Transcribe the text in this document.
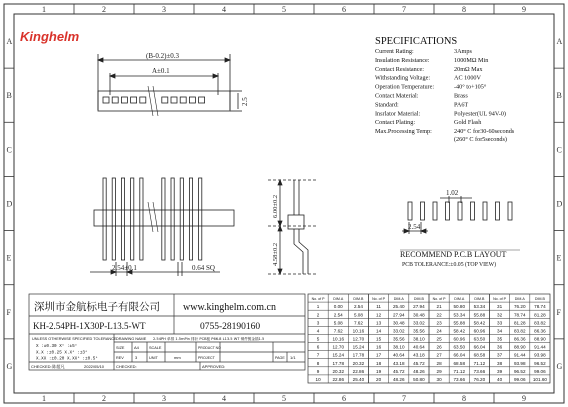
1
1
2
2
3
3
4
4
5
5
6
6
7
7
8
8
9
9
A	A
B	B
C	C
D	D
E	E
F	F
G	G
Kinghelm
(B-0.2)±0.3
A±0.1
2.5
2.54±0.1	0.64 SQ
6.00±0.2
4.58±0.2
SPECIFICATIONS
Current Rating:	3Amps
Insulation Resistance:	1000MΩ Min
Contact Resistance:	20mΩ Max
Withstanding Voltage:	AC 1000V
Operation Temperature:	-40° to+105°
Contact Material:	Brass
Standard:	PA6T
Insrlator Material:	Polyester(UL 94V-0)
Contact Plating:	Gold Flash
Max.Processing Temp:	240° C for30-60seconds
(260° C for5seconds)
1.02
2.54
RECOMMEND P.C.B LAYOUT
PCB TOLERANCE:±0.05 (TOP VIEW)
深圳市金航标电子有限公司 www.kinghelm.com.cn
KH-2.54PH-1X30P-L13.5-WT	0755-28190160
UNLESS OTHERWISE SPECIFIED TOLERANCE
X :±0.30 X° :±5°
X.X :±0.25 X.X° :±3°
X.XX :±0.20 X.XX° :±0.5°
DRAWING NAME 2.54PH 单排 1.5mPin 排针 PCB板 P66.8 L13.5 WT 铜件镀金插1.5
SIZE A4	SCALE	PRODUCT NO
REV	3	UNIT	mm	PROJECT	PAGE 1/1
CHECKED: 陈超凡	2022/05/10	CHECKED:	APPROVED:
No. of P DIM.A	DIM.B No. of P DIM.A	DIM.B No. of P DIM.A	DIM.B No. of P DIM.A	DIM.B
1	0.00 2.54	11	25.40 27.94	21	50.80 53.34	31	76.20 78.74
2	2.54 5.08	12	27.94 30.48	22	53.34 55.88	32	78.74 81.28
3	5.08 7.62	13	30.48 33.02	23	55.88 58.42	33	81.28 83.82
4	7.62 10.16	14	33.02 35.56	24	58.42 60.96	34	83.82 86.36
5	10.16 12.70	15	35.56 38.10	25	60.96 63.50	35	86.36 88.90
6	12.70 15.24	16	38.10 40.64	26	63.50 66.04	36	88.90 91.44
7	15.24 17.78	17	40.64 43.18	27	66.04 68.58	37	91.44 93.98
8	17.78 20.32	18	43.18 45.72	28	68.58 71.12	38	93.98 96.52
9	20.32 22.86	19	45.72 48.26	29	71.12 73.66	39	96.52 99.06
10	22.86 25.40	20	48.26 50.80	30	73.66 76.20	40	99.06 101.60
